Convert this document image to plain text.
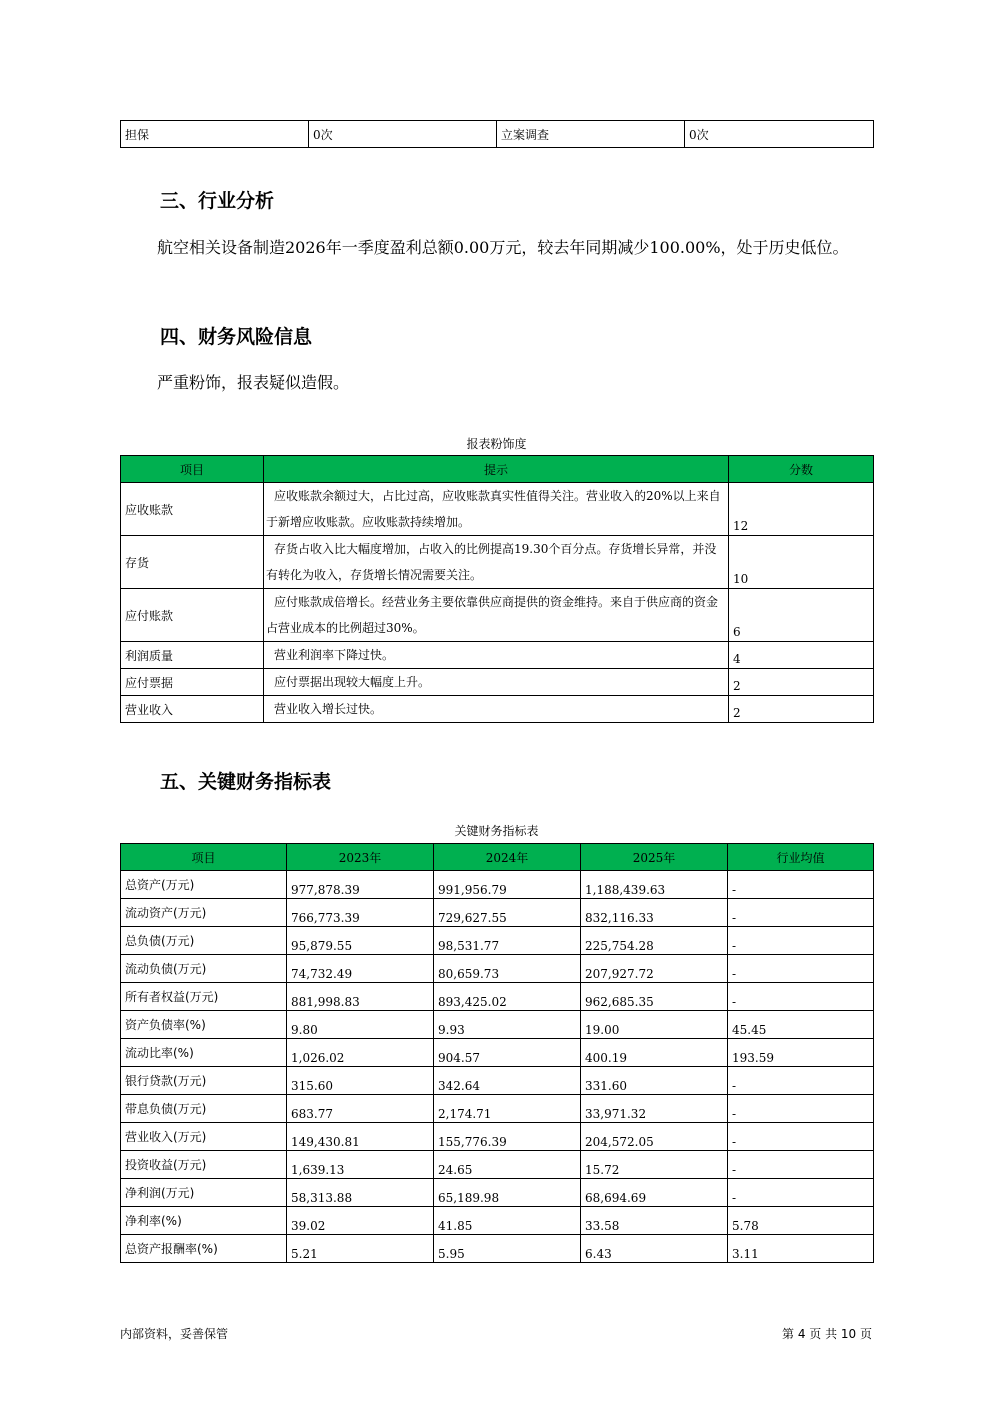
担保	0次	立案调查	0次
三、行业分析
航空相关设备制造2026年一季度盈利总额0.00万元，较去年同期减少100.00%，处于历史低位。
四、财务风险信息
严重粉饰，报表疑似造假。
报表粉饰度
项目	提示	分数
应收账款	应收账款余额过大，占比过高，应收账款真实性值得关注。营业收入的20%以上来自于新增应收账款。应收账款持续增加。	12
存货	存货占收入比大幅度增加，占收入的比例提高19.30个百分点。存货增长异常，并没有转化为收入，存货增长情况需要关注。	10
应付账款	应付账款成倍增长。经营业务主要依靠供应商提供的资金维持。来自于供应商的资金占营业成本的比例超过30%。	6
利润质量	营业利润率下降过快。	4
应付票据	应付票据出现较大幅度上升。	2
营业收入	营业收入增长过快。	2
五、关键财务指标表
关键财务指标表
项目	2023年	2024年	2025年	行业均值
总资产(万元)	977,878.39	991,956.79	1,188,439.63	-
流动资产(万元)	766,773.39	729,627.55	832,116.33	-
总负债(万元)	95,879.55	98,531.77	225,754.28	-
流动负债(万元)	74,732.49	80,659.73	207,927.72	-
所有者权益(万元)	881,998.83	893,425.02	962,685.35	-
资产负债率(%)	9.80	9.93	19.00	45.45
流动比率(%)	1,026.02	904.57	400.19	193.59
银行贷款(万元)	315.60	342.64	331.60	-
带息负债(万元)	683.77	2,174.71	33,971.32	-
营业收入(万元)	149,430.81	155,776.39	204,572.05	-
投资收益(万元)	1,639.13	24.65	15.72	-
净利润(万元)	58,313.88	65,189.98	68,694.69	-
净利率(%)	39.02	41.85	33.58	5.78
总资产报酬率(%)	5.21	5.95	6.43	3.11
内部资料，妥善保管	第 4 页 共 10 页
